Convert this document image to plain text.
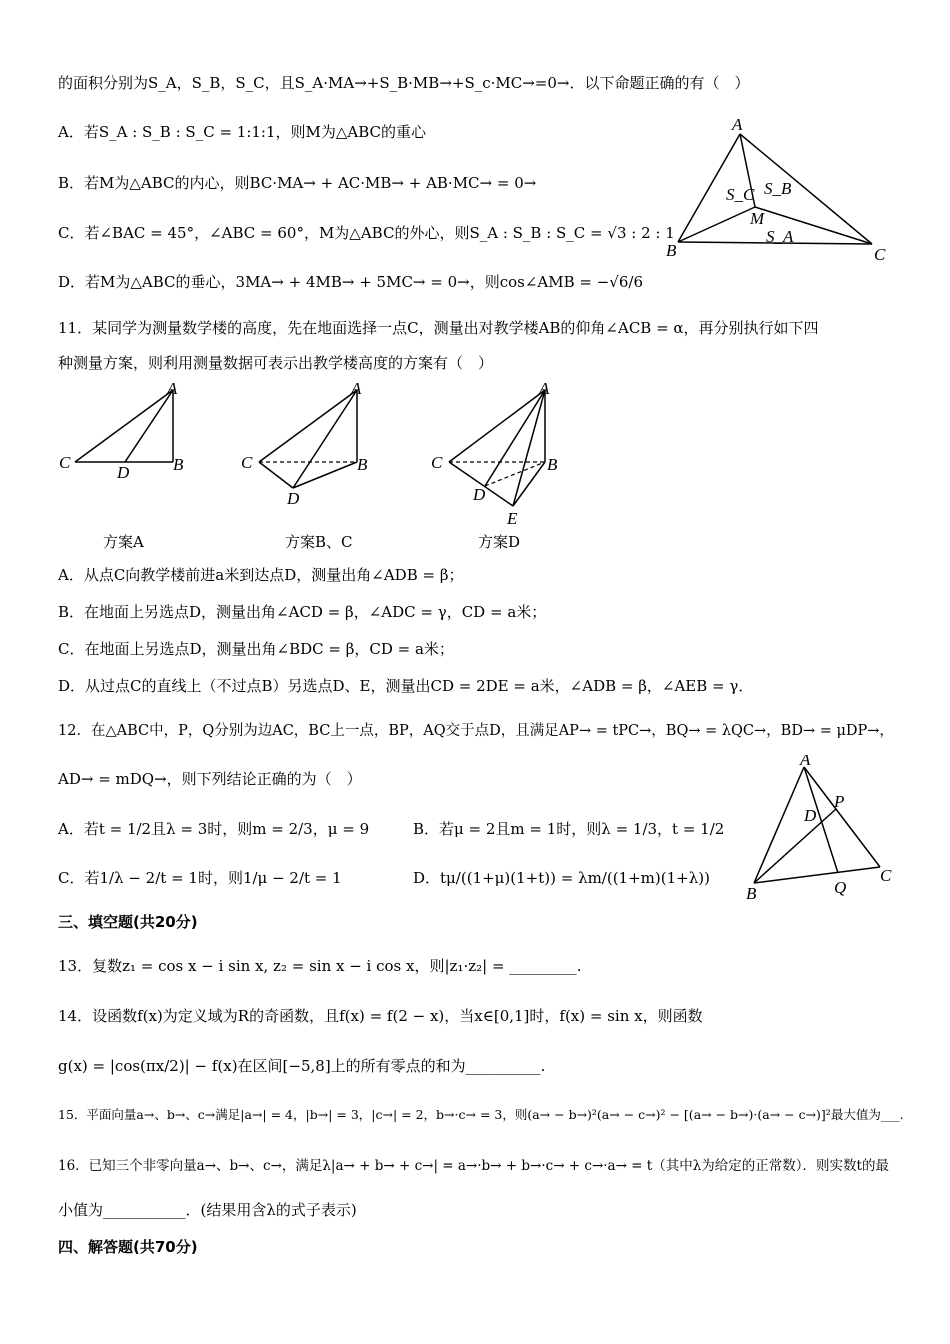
的面积分别为S_A，S_B，S_C，且S_A·MA→+S_B·MB→+S_c·MC→=0→．以下命题正确的有（　）
A．若S_A : S_B : S_C = 1:1:1，则M为△ABC的重心
B．若M为△ABC的内心，则BC·MA→ + AC·MB→ + AB·MC→ = 0→
C．若∠BAC = 45°，∠ABC = 60°，M为△ABC的外心，则S_A : S_B : S_C = √3 : 2 : 1
D．若M为△ABC的垂心，3MA→ + 4MB→ + 5MC→ = 0→，则cos∠AMB = −√6/6
A
B	C
M
S_B
S_C
S_A
11．某同学为测量数学楼的高度，先在地面选择一点C，测量出对教学楼AB的仰角∠ACB = α，再分别执行如下四
种测量方案，则利用测量数据可表示出教学楼高度的方案有（　）
A
C	B
D
A
C	B
D
A
C	B
D
E
方案A	方案B、C	方案D
A．从点C向教学楼前进a米到达点D，测量出角∠ADB = β；
B．在地面上另选点D，测量出角∠ACD = β，∠ADC = γ，CD = a米；
C．在地面上另选点D，测量出角∠BDC = β，CD = a米；
D．从过点C的直线上（不过点B）另选点D、E，测量出CD = 2DE = a米，∠ADB = β，∠AEB = γ．
12．在△ABC中，P，Q分别为边AC，BC上一点，BP，AQ交于点D，且满足AP→ = tPC→，BQ→ = λQC→，BD→ = μDP→，
AD→ = mDQ→，则下列结论正确的为（　）
A．若t = 1/2且λ = 3时，则m = 2/3，μ = 9	B．若μ = 2且m = 1时，则λ = 1/3，t = 1/2
C．若1/λ − 2/t = 1时，则1/μ − 2/t = 1	D．tμ/((1+μ)(1+t)) = λm/((1+m)(1+λ))
A
B
C
D
P
Q
三、填空题(共20分)
13．复数z₁ = cos x − i sin x, z₂ = sin x − i cos x，则|z₁·z₂| = _________.
14．设函数f(x)为定义域为R的奇函数，且f(x) = f(2 − x)，当x∈[0,1]时，f(x) = sin x，则函数
g(x) = |cos(πx/2)| − f(x)在区间[−5,8]上的所有零点的和为__________.
15．平面向量a→、b→、c→满足|a→| = 4，|b→| = 3，|c→| = 2，b→·c→ = 3，则(a→ − b→)²(a→ − c→)² − [(a→ − b→)·(a→ − c→)]²最大值为___.
16．已知三个非零向量a→、b→、c→，满足λ|a→ + b→ + c→| = a→·b→ + b→·c→ + c→·a→ = t（其中λ为给定的正常数）．则实数t的最
小值为___________．(结果用含λ的式子表示)
四、解答题(共70分)
